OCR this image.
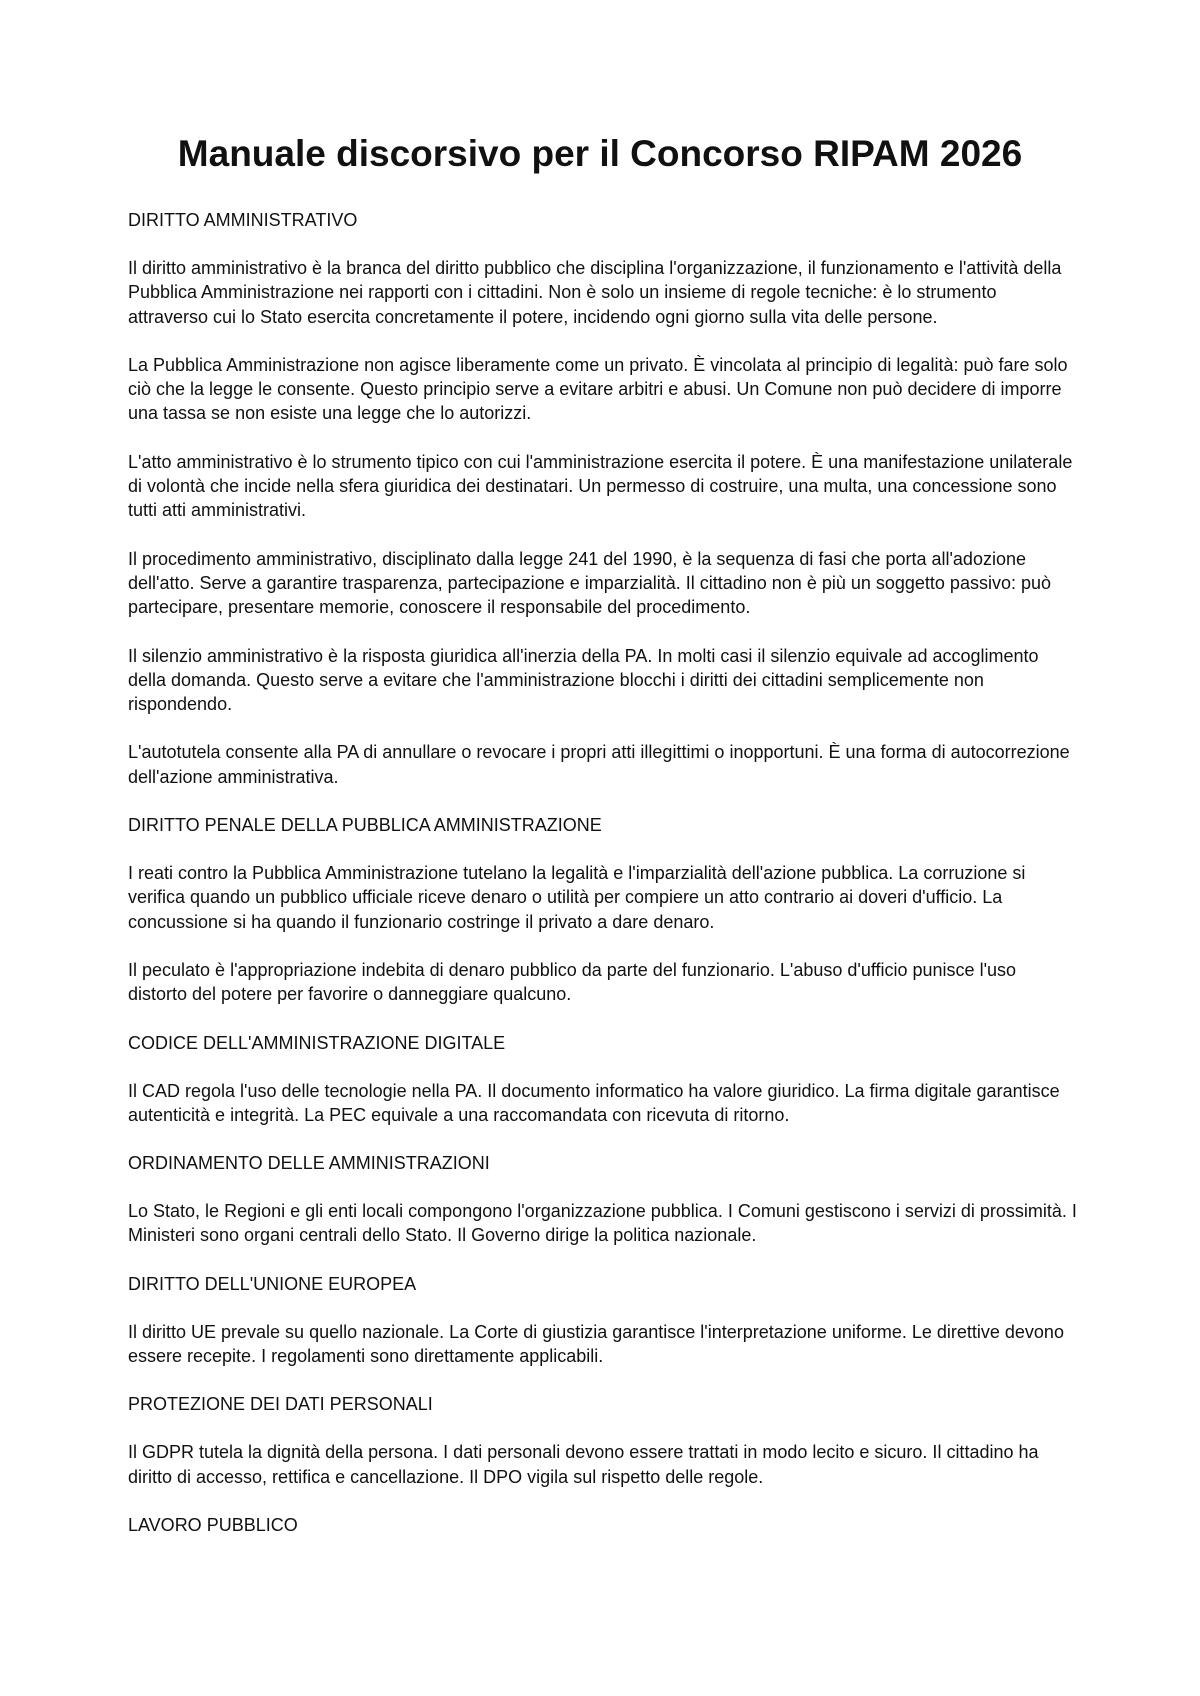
Manuale discorsivo per il Concorso RIPAM 2026

DIRITTO AMMINISTRATIVO

Il diritto amministrativo è la branca del diritto pubblico che disciplina l'organizzazione, il funzionamento e l'attività della Pubblica Amministrazione nei rapporti con i cittadini. Non è solo un insieme di regole tecniche: è lo strumento attraverso cui lo Stato esercita concretamente il potere, incidendo ogni giorno sulla vita delle persone.

La Pubblica Amministrazione non agisce liberamente come un privato. È vincolata al principio di legalità: può fare solo ciò che la legge le consente. Questo principio serve a evitare arbitri e abusi. Un Comune non può decidere di imporre una tassa se non esiste una legge che lo autorizzi.

L'atto amministrativo è lo strumento tipico con cui l'amministrazione esercita il potere. È una manifestazione unilaterale di volontà che incide nella sfera giuridica dei destinatari. Un permesso di costruire, una multa, una concessione sono tutti atti amministrativi.

Il procedimento amministrativo, disciplinato dalla legge 241 del 1990, è la sequenza di fasi che porta all'adozione dell'atto. Serve a garantire trasparenza, partecipazione e imparzialità. Il cittadino non è più un soggetto passivo: può partecipare, presentare memorie, conoscere il responsabile del procedimento.

Il silenzio amministrativo è la risposta giuridica all'inerzia della PA. In molti casi il silenzio equivale ad accoglimento della domanda. Questo serve a evitare che l'amministrazione blocchi i diritti dei cittadini semplicemente non rispondendo.

L'autotutela consente alla PA di annullare o revocare i propri atti illegittimi o inopportuni. È una forma di autocorrezione dell'azione amministrativa.

DIRITTO PENALE DELLA PUBBLICA AMMINISTRAZIONE

I reati contro la Pubblica Amministrazione tutelano la legalità e l'imparzialità dell'azione pubblica. La corruzione si verifica quando un pubblico ufficiale riceve denaro o utilità per compiere un atto contrario ai doveri d'ufficio. La concussione si ha quando il funzionario costringe il privato a dare denaro.

Il peculato è l'appropriazione indebita di denaro pubblico da parte del funzionario. L'abuso d'ufficio punisce l'uso distorto del potere per favorire o danneggiare qualcuno.

CODICE DELL'AMMINISTRAZIONE DIGITALE

Il CAD regola l'uso delle tecnologie nella PA. Il documento informatico ha valore giuridico. La firma digitale garantisce autenticità e integrità. La PEC equivale a una raccomandata con ricevuta di ritorno.

ORDINAMENTO DELLE AMMINISTRAZIONI

Lo Stato, le Regioni e gli enti locali compongono l'organizzazione pubblica. I Comuni gestiscono i servizi di prossimità. I Ministeri sono organi centrali dello Stato. Il Governo dirige la politica nazionale.

DIRITTO DELL'UNIONE EUROPEA

Il diritto UE prevale su quello nazionale. La Corte di giustizia garantisce l'interpretazione uniforme. Le direttive devono essere recepite. I regolamenti sono direttamente applicabili.

PROTEZIONE DEI DATI PERSONALI

Il GDPR tutela la dignità della persona. I dati personali devono essere trattati in modo lecito e sicuro. Il cittadino ha diritto di accesso, rettifica e cancellazione. Il DPO vigila sul rispetto delle regole.

LAVORO PUBBLICO
